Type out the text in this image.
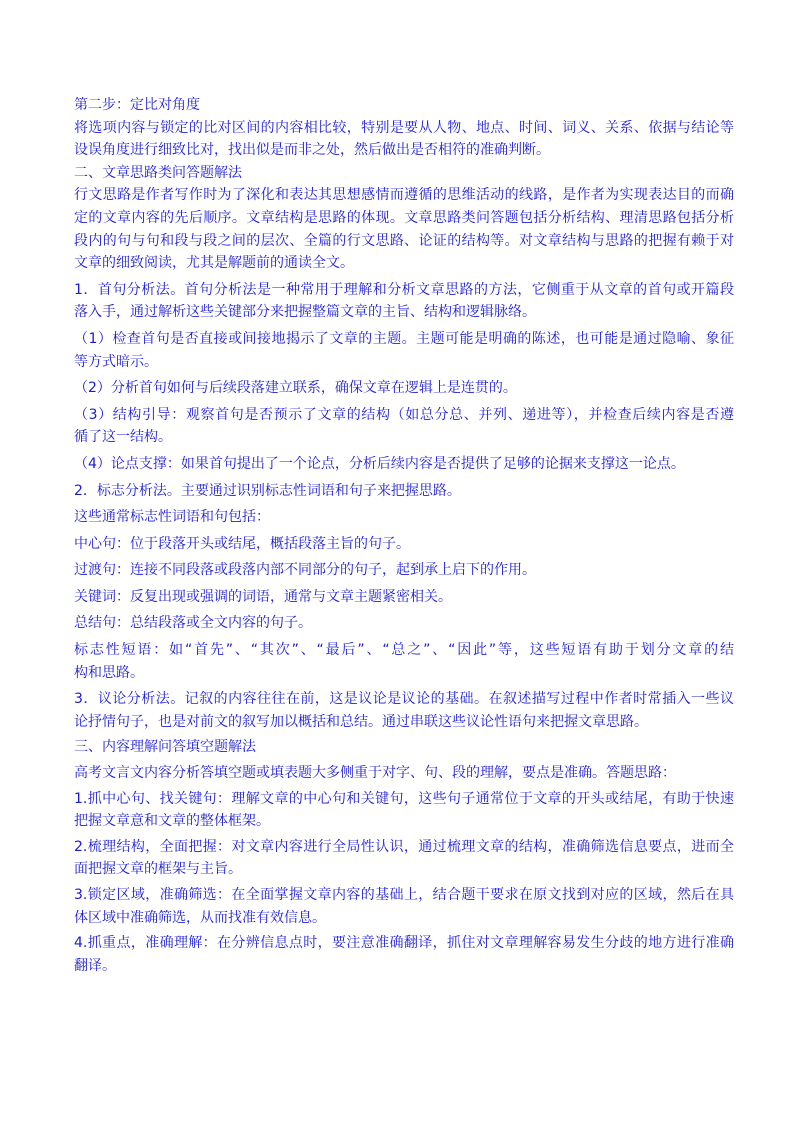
第二步：定比对角度

将选项内容与锁定的比对区间的内容相比较，特别是要从人物、地点、时间、词义、关系、依据与结论等

设误角度进行细致比对，找出似是而非之处，然后做出是否相符的准确判断。

二、文章思路类问答题解法

行文思路是作者写作时为了深化和表达其思想感情而遵循的思维活动的线路，是作者为实现表达目的而确

定的文章内容的先后顺序。文章结构是思路的体现。文章思路类问答题包括分析结构、理清思路包括分析

段内的句与句和段与段之间的层次、全篇的行文思路、论证的结构等。对文章结构与思路的把握有赖于对

文章的细致阅读，尤其是解题前的通读全文。

1．首句分析法。首句分析法是一种常用于理解和分析文章思路的方法，它侧重于从文章的首句或开篇段

落入手，通过解析这些关键部分来把握整篇文章的主旨、结构和逻辑脉络。

（1）检查首句是否直接或间接地揭示了文章的主题。主题可能是明确的陈述，也可能是通过隐喻、象征

等方式暗示。

（2）分析首句如何与后续段落建立联系，确保文章在逻辑上是连贯的。

（3）结构引导：观察首句是否预示了文章的结构（如总分总、并列、递进等），并检查后续内容是否遵

循了这一结构。

（4）论点支撑：如果首句提出了一个论点，分析后续内容是否提供了足够的论据来支撑这一论点。

2．标志分析法。主要通过识别标志性词语和句子来把握思路。

这些通常标志性词语和句包括：

中心句：位于段落开头或结尾，概括段落主旨的句子。

过渡句：连接不同段落或段落内部不同部分的句子，起到承上启下的作用。

关键词：反复出现或强调的词语，通常与文章主题紧密相关。

总结句：总结段落或全文内容的句子。

标志性短语：如“首先”、“其次”、“最后”、“总之”、“因此”等，这些短语有助于划分文章的结

构和思路。

3．议论分析法。记叙的内容往往在前，这是议论是议论的基础。在叙述描写过程中作者时常插入一些议

论抒情句子，也是对前文的叙写加以概括和总结。通过串联这些议论性语句来把握文章思路。

三、内容理解问答填空题解法

高考文言文内容分析答填空题或填表题大多侧重于对字、句、段的理解，要点是准确。答题思路：

1.抓中心句、找关键句：理解文章的中心句和关键句，这些句子通常位于文章的开头或结尾，有助于快速

把握文章意和文章的整体框架。

2.梳理结构，全面把握：对文章内容进行全局性认识，通过梳理文章的结构，准确筛选信息要点，进而全

面把握文章的框架与主旨。

3.锁定区域，准确筛选：在全面掌握文章内容的基础上，结合题干要求在原文找到对应的区域，然后在具

体区域中准确筛选，从而找准有效信息。

4.抓重点，准确理解：在分辨信息点时，要注意准确翻译，抓住对文章理解容易发生分歧的地方进行准确

翻译。
